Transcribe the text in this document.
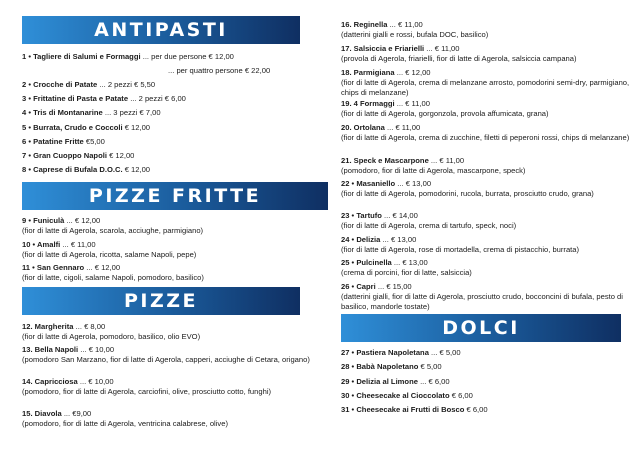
ANTIPASTI
1 • Tagliere di Salumi e Formaggi ... per due persone € 12,00
... per quattro persone € 22,00
2 • Crocche di Patate ... 2 pezzi € 5,50
3 • Frittatine di Pasta e Patate ... 2 pezzi € 6,00
4 • Tris di Montanarine ... 3 pezzi € 7,00
5 • Burrata, Crudo e Coccoli € 12,00
6 • Patatine Fritte €5,00
7 • Gran Cuoppo Napoli € 12,00
8 • Caprese di Bufala D.O.C. € 12,00
PIZZE FRITTE
9 • Funiculà ... € 12,00
(fior di latte di Agerola, scarola, acciughe, parmigiano)
10 • Amalfi ... € 11,00
(fior di latte di Agerola, ricotta, salame Napoli, pepe)
11 • San Gennaro ... € 12,00
(fior di latte, cigoli, salame Napoli, pomodoro, basilico)
PIZZE
12. Margherita ... € 8,00
(fior di latte di Agerola, pomodoro, basilico, olio EVO)
13. Bella Napoli ... € 10,00
(pomodoro San Marzano, fior di latte di Agerola, capperi, acciughe di Cetara, origano)
14. Capricciosa ... € 10,00
(pomodoro, fior di latte di Agerola, carciofini, olive, prosciutto cotto, funghi)
15. Diavola ... €9,00
(pomodoro, fior di latte di Agerola, ventricina calabrese, olive)
16. Reginella ... € 11,00
(datterini gialli e rossi, bufala DOC, basilico)
17. Salsiccia e Friarielli ... € 11,00
(provola di Agerola, friarielli, fior di latte di Agerola, salsiccia campana)
18. Parmigiana ... € 12,00
(fior di latte di Agerola, crema di melanzane arrosto, pomodorini semi-dry, parmigiano, chips di melanzane)
19. 4 Formaggi ... € 11,00
(fior di latte di Agerola, gorgonzola, provola affumicata, grana)
20. Ortolana ... € 11,00
(fior di latte di Agerola, crema di zucchine, filetti di peperoni rossi, chips di melanzane)
21. Speck e Mascarpone ... € 11,00
(pomodoro, fior di latte di Agerola, mascarpone, speck)
22 • Masaniello ... € 13,00
(fior di latte di Agerola, pomodorini, rucola, burrata, prosciutto crudo, grana)
23 • Tartufo ... € 14,00
(fior di latte di Agerola, crema di tartufo, speck, noci)
24 • Delizia ... € 13,00
(fior di latte di Agerola, rose di mortadella, crema di pistacchio, burrata)
25 • Pulcinella ... € 13,00
(crema di porcini, fior di latte, salsiccia)
26 • Capri ... € 15,00
(datterini gialli, fior di latte di Agerola, prosciutto crudo, bocconcini di bufala, pesto di basilico, mandorle tostate)
DOLCI
27 • Pastiera Napoletana ... € 5,00
28 • Babà Napoletano € 5,00
29 • Delizia al Limone ... € 6,00
30 • Cheesecake al Cioccolato € 6,00
31 • Cheesecake ai Frutti di Bosco € 6,00
